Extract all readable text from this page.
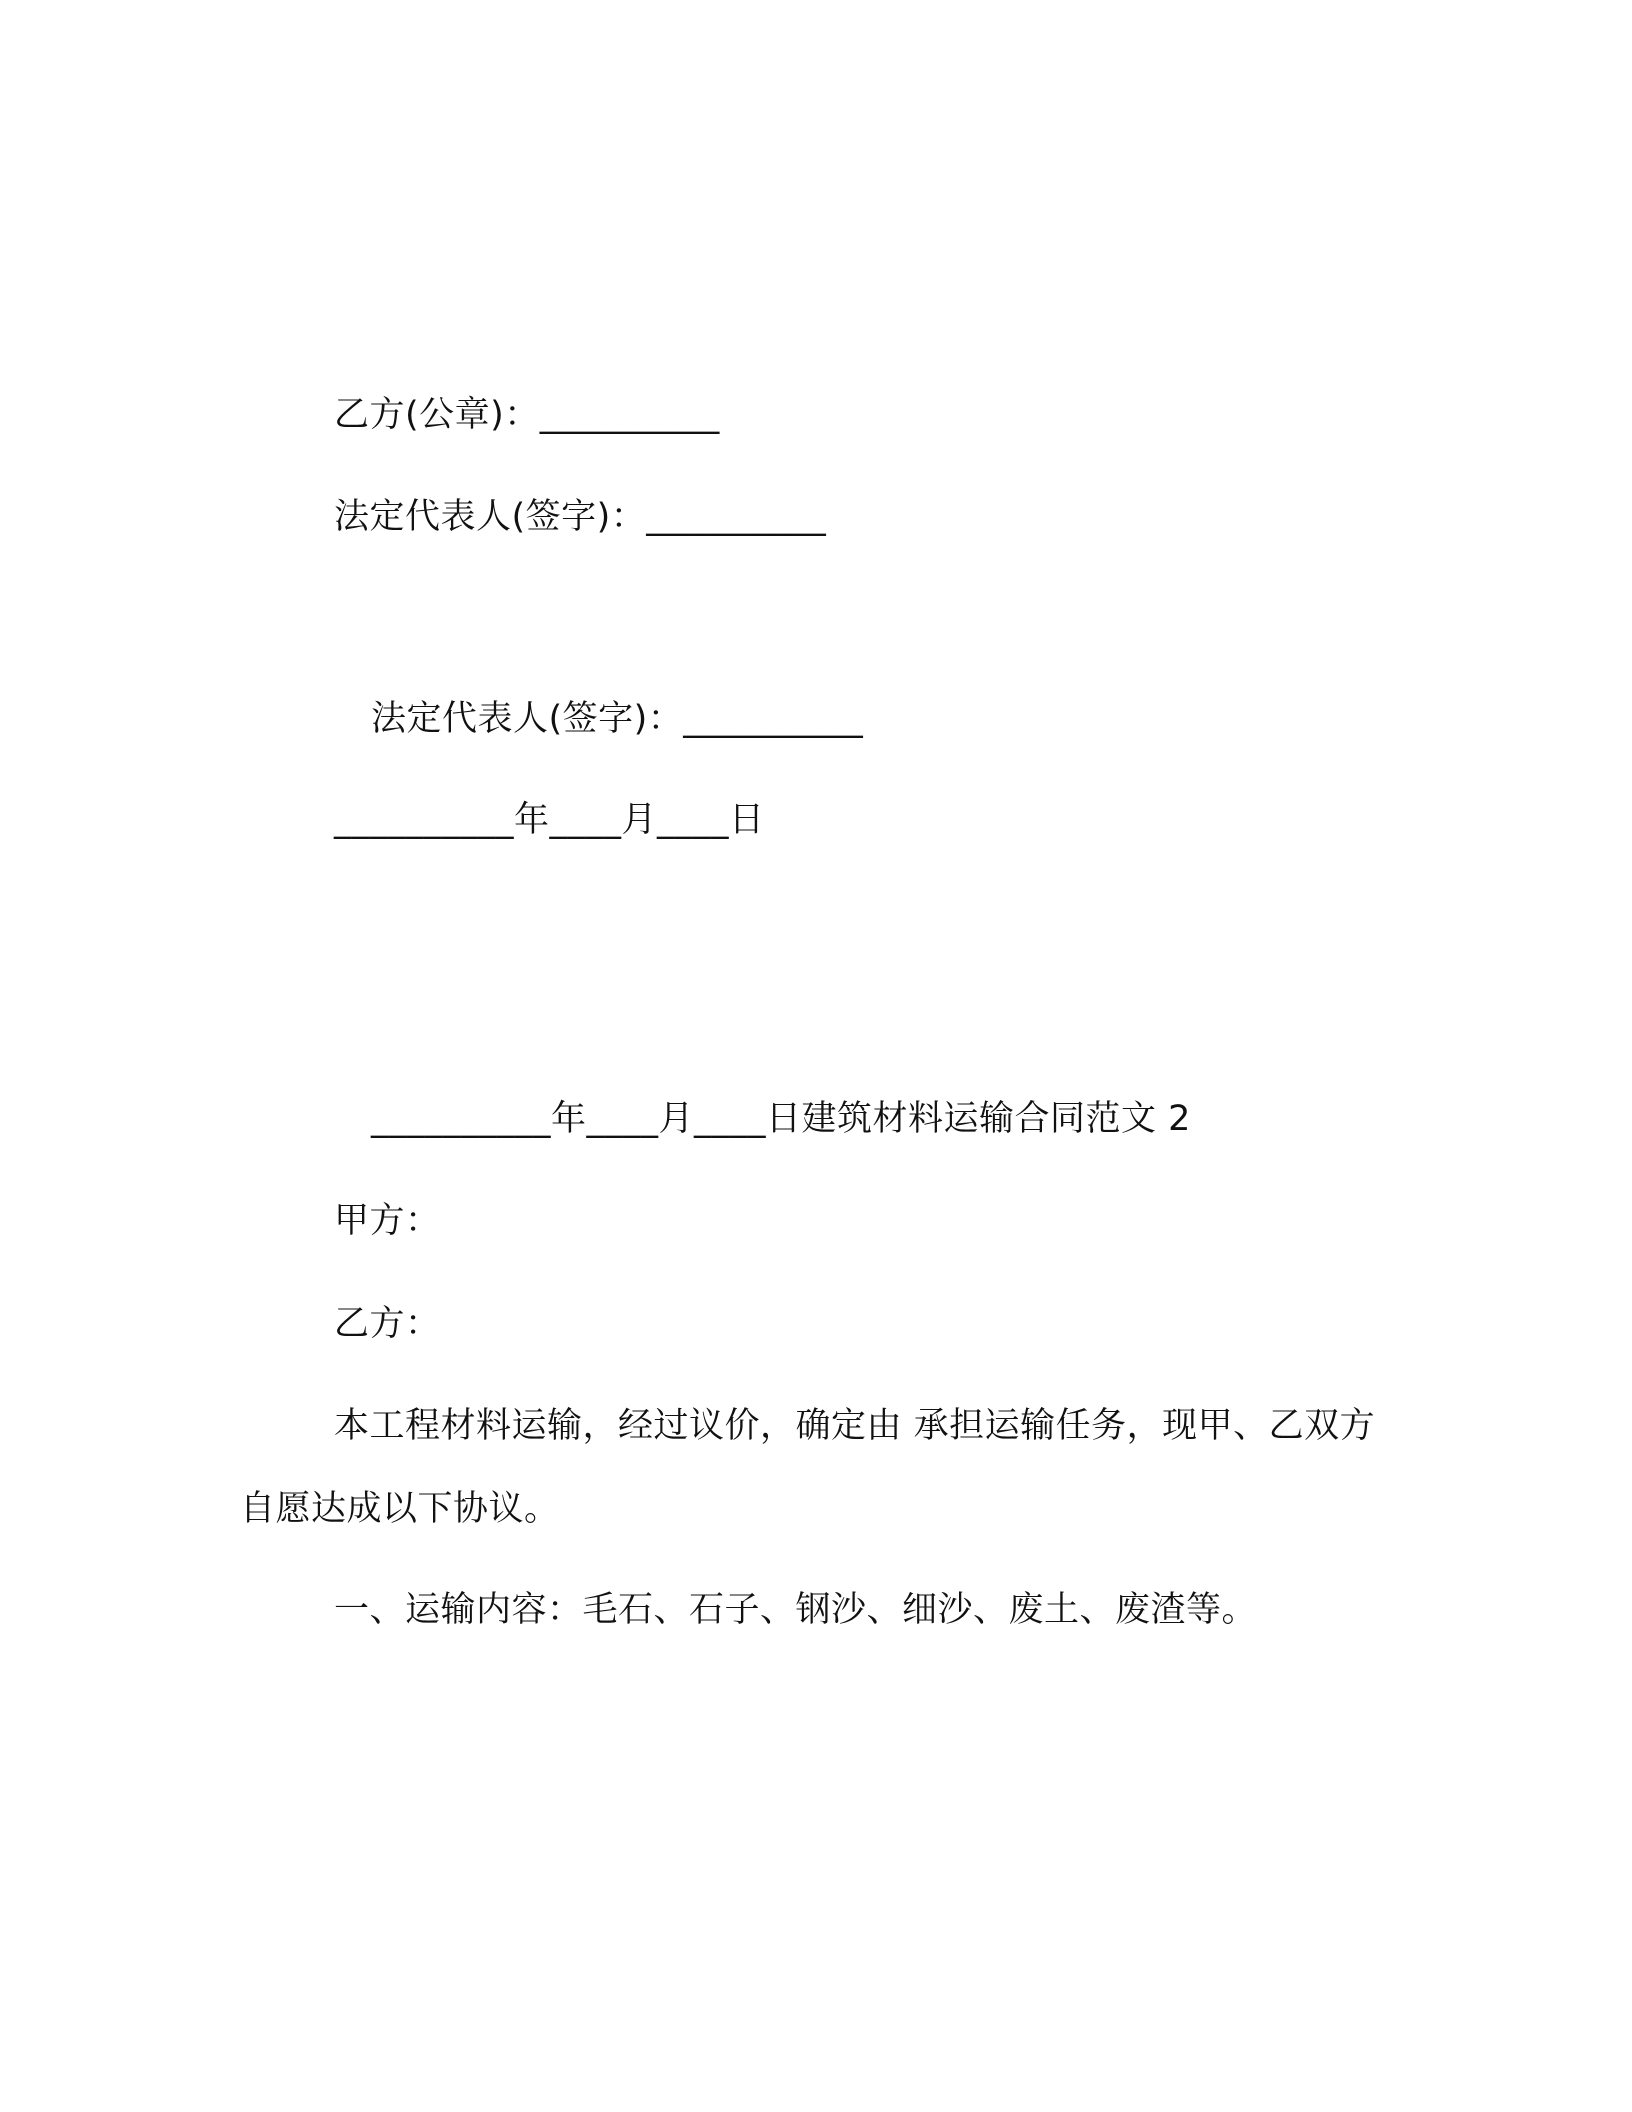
乙方(公章)：__________
法定代表人(签字)：__________
法定代表人(签字)：__________
__________年____月____日
__________年____月____日建筑材料运输合同范文 2
甲方：
乙方：
本工程材料运输，经过议价，确定由 承担运输任务，现甲、乙双方自愿达成以下协议。
一、运输内容：毛石、石子、钢沙、细沙、废土、废渣等。
